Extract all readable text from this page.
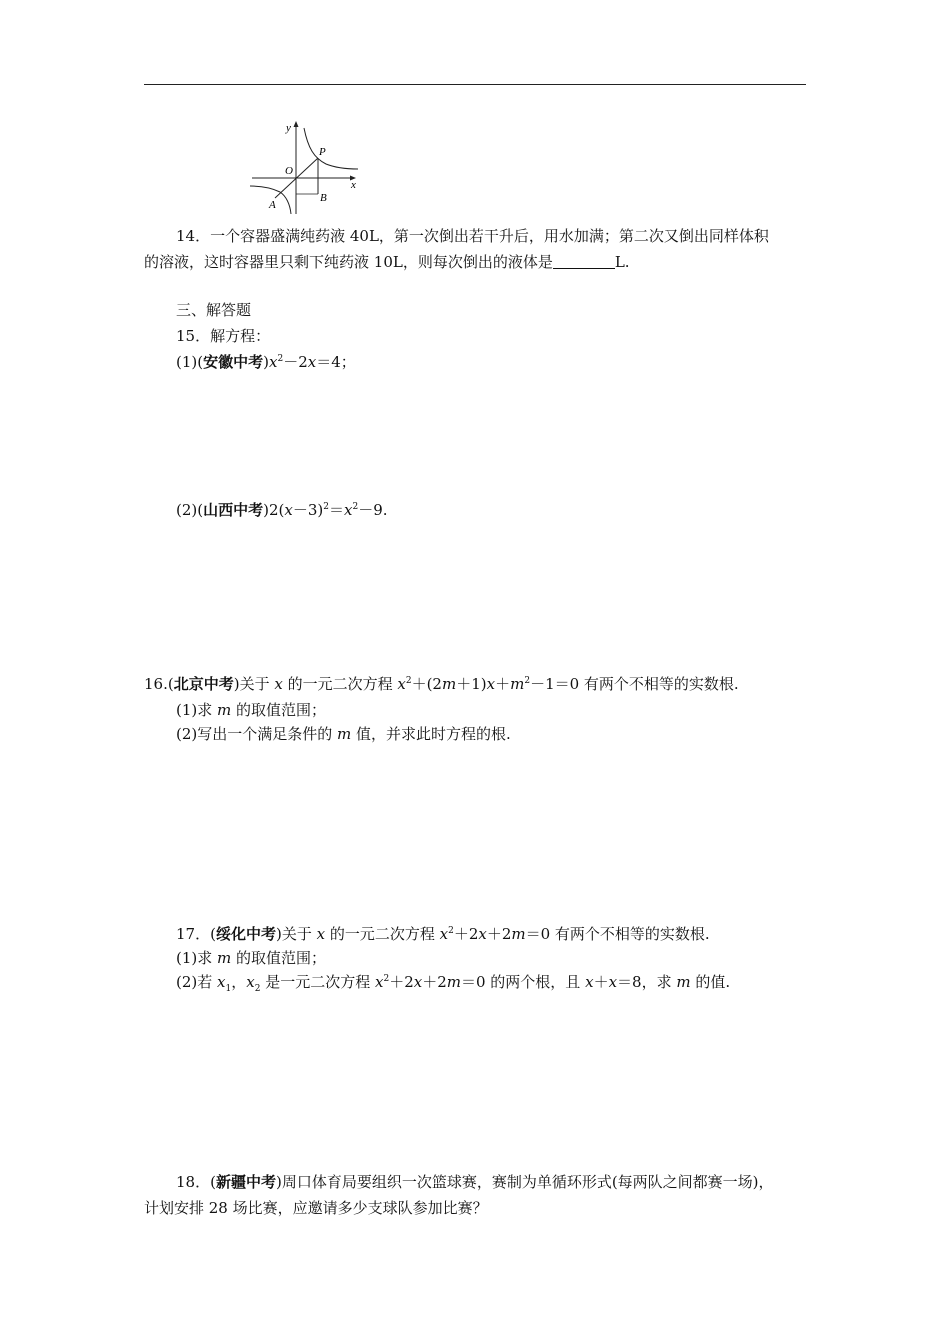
y
x
O
P
A
B
14．一个容器盛满纯药液 40L，第一次倒出若干升后，用水加满；第二次又倒出同样体积
的溶液，这时容器里只剩下纯药液 10L，则每次倒出的液体是	L.
三、解答题
15．解方程：
(1)(安徽中考)$x^2-2x=4$；
(2)(山西中考)$2(x-3)^2=x^2-9$.
16.(北京中考)关于 x 的一元二次方程 $x^2+(2m+1)x+m^2-1=0$ 有两个不相等的实数根.
(1)求 m 的取值范围；
(2)写出一个满足条件的 m 值，并求此时方程的根.
17．(绥化中考)关于 x 的一元二次方程 $x^2+2x+2m=0$ 有两个不相等的实数根.
(1)求 m 的取值范围；
(2)若 $x_1$，$x_2$ 是一元二次方程 $x^2+2x+2m=0$ 的两个根，且 x＋x＝8，求 m 的值.
18．(新疆中考)周口体育局要组织一次篮球赛，赛制为单循环形式(每两队之间都赛一场)，
计划安排 28 场比赛，应邀请多少支球队参加比赛？
